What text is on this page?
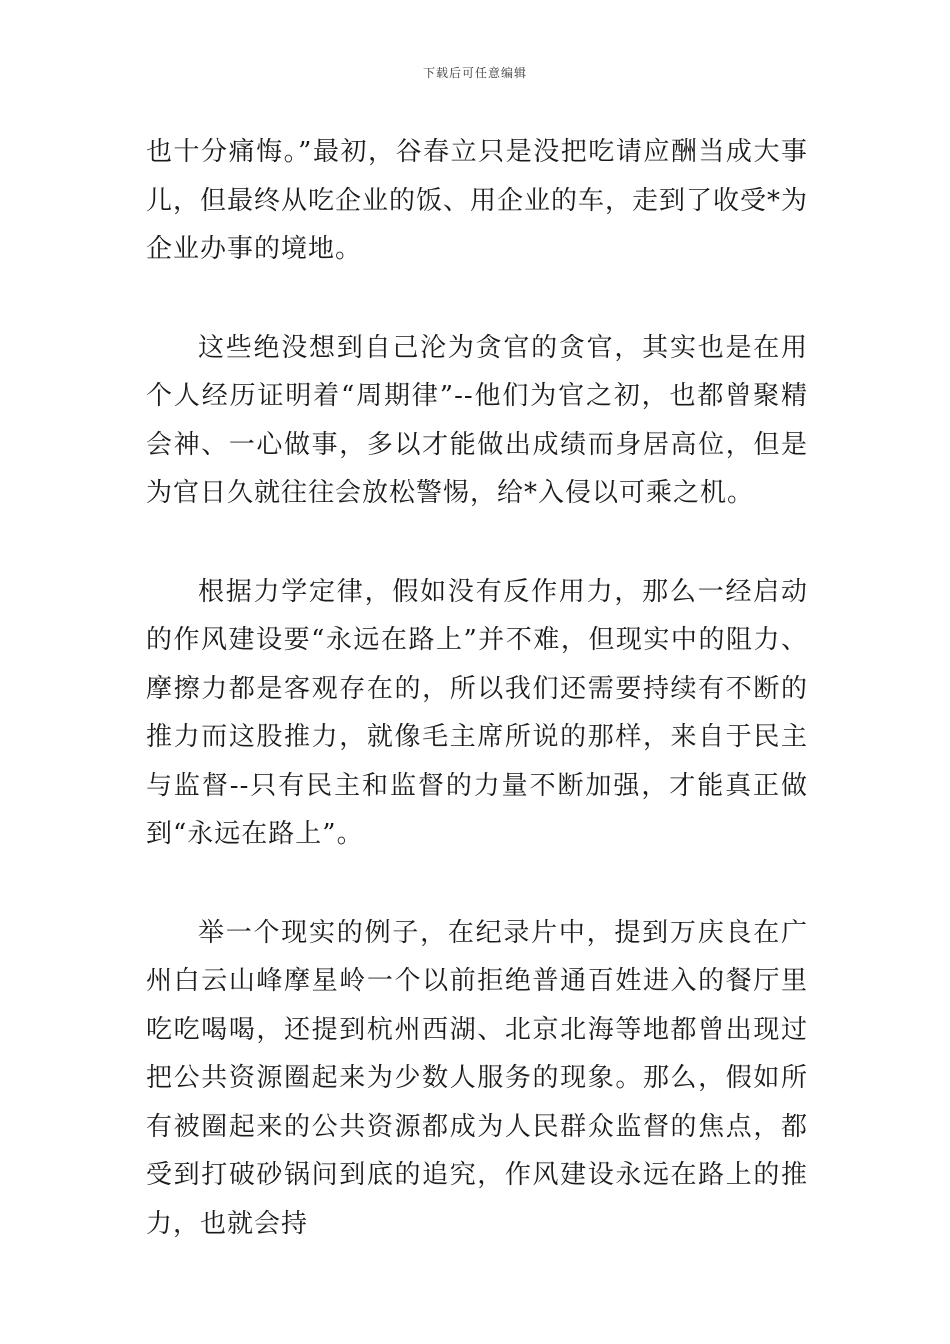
下载后可任意编辑

也十分痛悔。”最初，谷春立只是没把吃请应酬当成大事儿，但最终从吃企业的饭、用企业的车，走到了收受*为企业办事的境地。

这些绝没想到自己沦为贪官的贪官，其实也是在用个人经历证明着“周期律”--他们为官之初，也都曾聚精会神、一心做事，多以才能做出成绩而身居高位，但是为官日久就往往会放松警惕，给*入侵以可乘之机。

根据力学定律，假如没有反作用力，那么一经启动的作风建设要“永远在路上”并不难，但现实中的阻力、摩擦力都是客观存在的，所以我们还需要持续有不断的推力而这股推力，就像毛主席所说的那样，来自于民主与监督--只有民主和监督的力量不断加强，才能真正做到“永远在路上”。

举一个现实的例子，在纪录片中，提到万庆良在广州白云山峰摩星岭一个以前拒绝普通百姓进入的餐厅里吃吃喝喝，还提到杭州西湖、北京北海等地都曾出现过把公共资源圈起来为少数人服务的现象。那么，假如所有被圈起来的公共资源都成为人民群众监督的焦点，都受到打破砂锅问到底的追究，作风建设永远在路上的推力，也就会持
